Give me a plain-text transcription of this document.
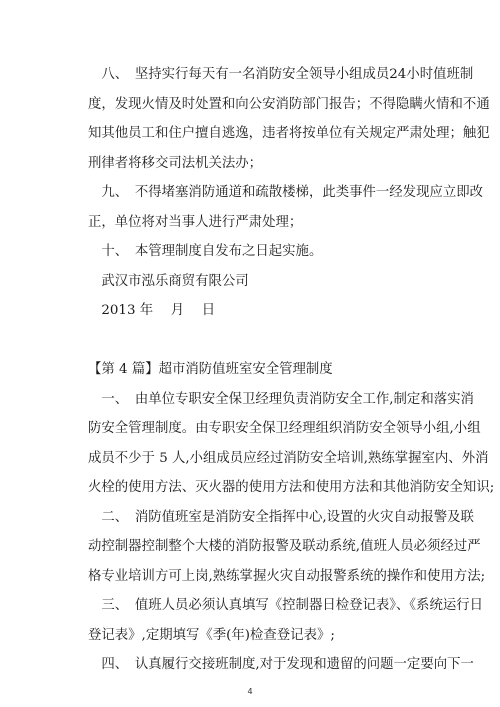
　八、　坚持实行每天有一名消防安全领导小组成员24小时值班制
度，发现火情及时处置和向公安消防部门报告；不得隐瞒火情和不通
知其他员工和住户擅自逃逸，违者将按单位有关规定严肃处理；触犯
刑律者将移交司法机关法办；
　九、　不得堵塞消防通道和疏散楼梯，此类事件一经发现应立即改
正，单位将对当事人进行严肃处理；
　十、　本管理制度自发布之日起实施。
　武汉市泓乐商贸有限公司
　2013 年　 月　 日
【第 4 篇】超市消防值班室安全管理制度
　一、　由单位专职安全保卫经理负责消防安全工作,制定和落实消
防安全管理制度。由专职安全保卫经理组织消防安全领导小组,小组
成员不少于 5 人,小组成员应经过消防安全培训,熟练掌握室内、外消
火栓的使用方法、灭火器的使用方法和使用方法和其他消防安全知识;
　二、　消防值班室是消防安全指挥中心,设置的火灾自动报警及联
动控制器控制整个大楼的消防报警及联动系统,值班人员必须经过严
格专业培训方可上岗,熟练掌握火灾自动报警系统的操作和使用方法;
　三、　值班人员必须认真填写《控制器日检登记表》、《系统运行日
登记表》,定期填写《季(年)检查登记表》;
　四、　认真履行交接班制度,对于发现和遗留的问题一定要向下一
4
